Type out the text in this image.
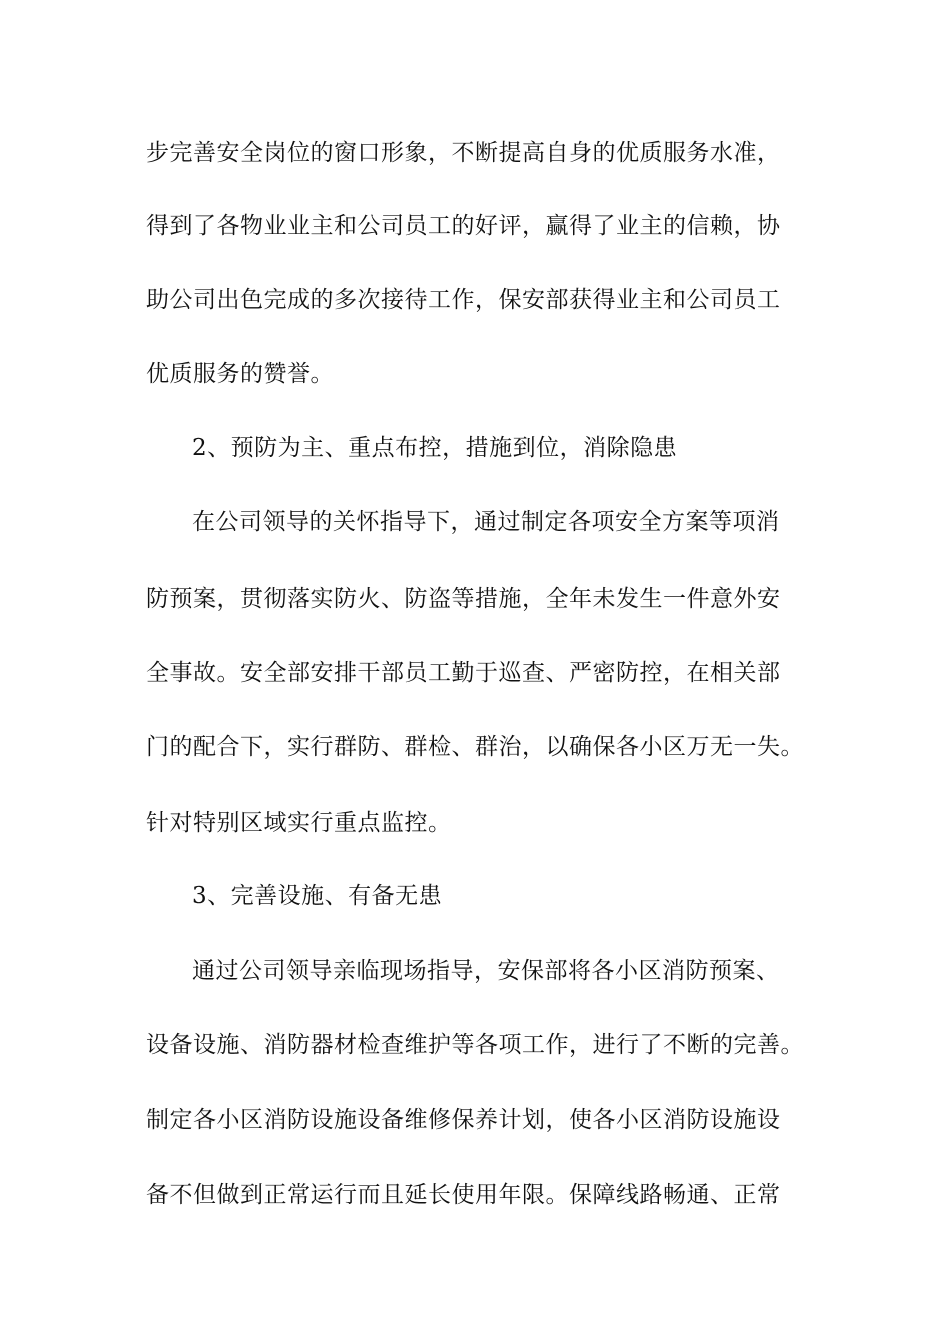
步完善安全岗位的窗口形象，不断提高自身的优质服务水准，
得到了各物业业主和公司员工的好评，赢得了业主的信赖，协
助公司出色完成的多次接待工作，保安部获得业主和公司员工
优质服务的赞誉。
2、预防为主、重点布控，措施到位，消除隐患
在公司领导的关怀指导下，通过制定各项安全方案等项消
防预案，贯彻落实防火、防盗等措施，全年未发生一件意外安
全事故。安全部安排干部员工勤于巡查、严密防控，在相关部
门的配合下，实行群防、群检、群治，以确保各小区万无一失。
针对特别区域实行重点监控。
3、完善设施、有备无患
通过公司领导亲临现场指导，安保部将各小区消防预案、
设备设施、消防器材检查维护等各项工作，进行了不断的完善。
制定各小区消防设施设备维修保养计划，使各小区消防设施设
备不但做到正常运行而且延长使用年限。保障线路畅通、正常
